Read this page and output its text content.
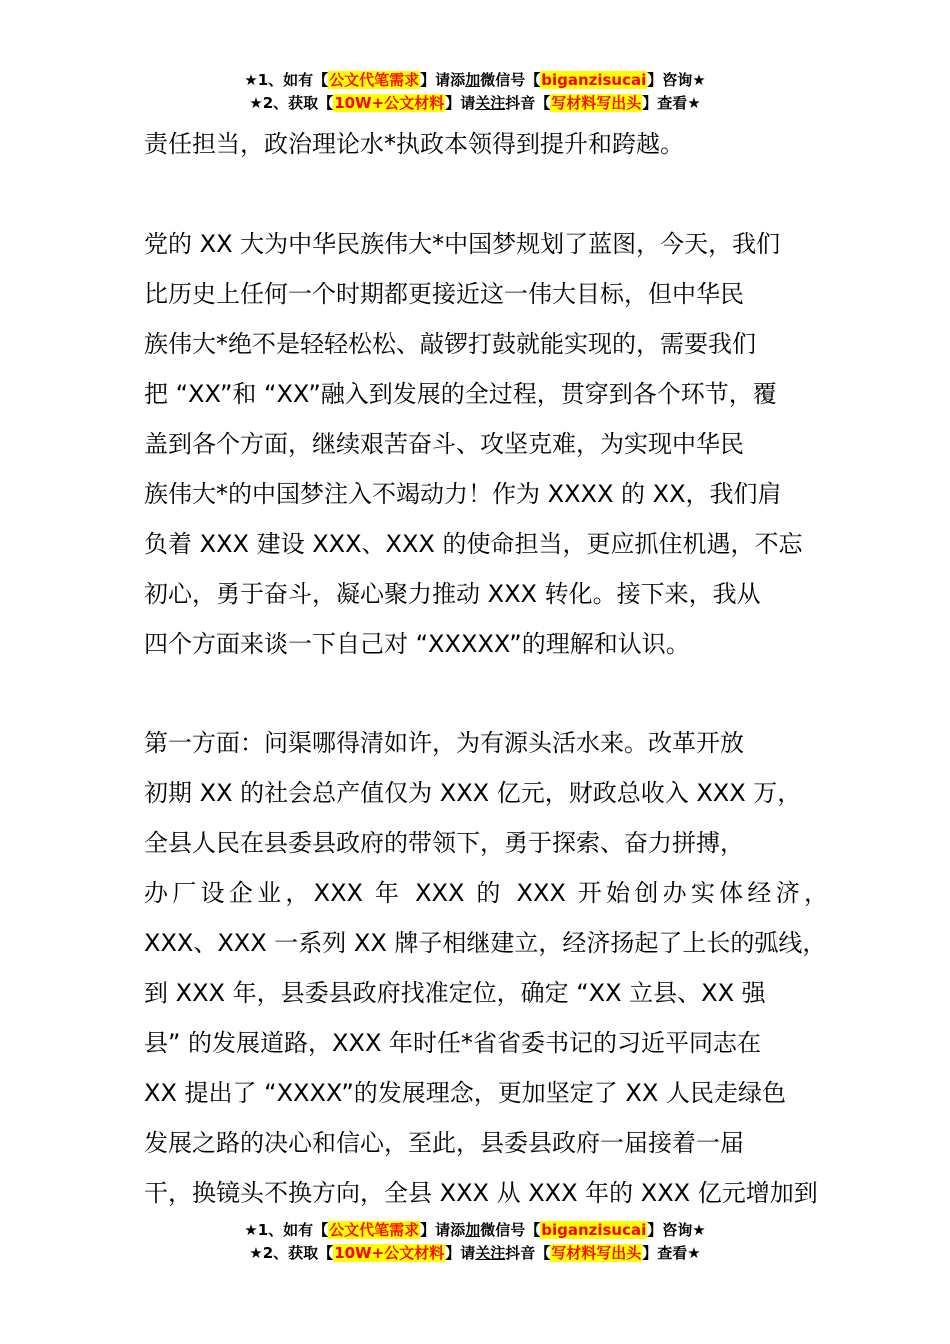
★1、如有【公文代笔需求】请添加微信号【biganzisucai】咨询★
★2、获取【10W+公文材料】请关注抖音【写材料写出头】查看★

责任担当，政治理论水*执政本领得到提升和跨越。

党的 XX 大为中华民族伟大*中国梦规划了蓝图，今天，我们
比历史上任何一个时期都更接近这一伟大目标，但中华民
族伟大*绝不是轻轻松松、敲锣打鼓就能实现的，需要我们
把 “XX”和 “XX”融入到发展的全过程，贯穿到各个环节，覆
盖到各个方面，继续艰苦奋斗、攻坚克难，为实现中华民
族伟大*的中国梦注入不竭动力！作为 XXXX 的 XX，我们肩
负着 XXX 建设 XXX、XXX 的使命担当，更应抓住机遇，不忘
初心，勇于奋斗，凝心聚力推动 XXX 转化。接下来，我从
四个方面来谈一下自己对 “XXXXX”的理解和认识。
第一方面：问渠哪得清如许，为有源头活水来。改革开放
初期 XX 的社会总产值仅为 XXX 亿元，财政总收入 XXX 万，
全县人民在县委县政府的带领下，勇于探索、奋力拼搏，
办厂设企业，XXX 年 XXX 的 XXX 开始创办实体经济，
XXX、XXX 一系列 XX 牌子相继建立，经济扬起了上长的弧线，
到 XXX 年，县委县政府找准定位，确定 “XX 立县、XX 强
县” 的发展道路，XXX 年时任*省省委书记的习近平同志在
XX 提出了 “XXXX”的发展理念，更加坚定了 XX 人民走绿色
发展之路的决心和信心，至此，县委县政府一届接着一届
干，换镜头不换方向，全县 XXX 从 XXX 年的 XXX 亿元增加到
★1、如有【公文代笔需求】请添加微信号【biganzisucai】咨询★
★2、获取【10W+公文材料】请关注抖音【写材料写出头】查看★
